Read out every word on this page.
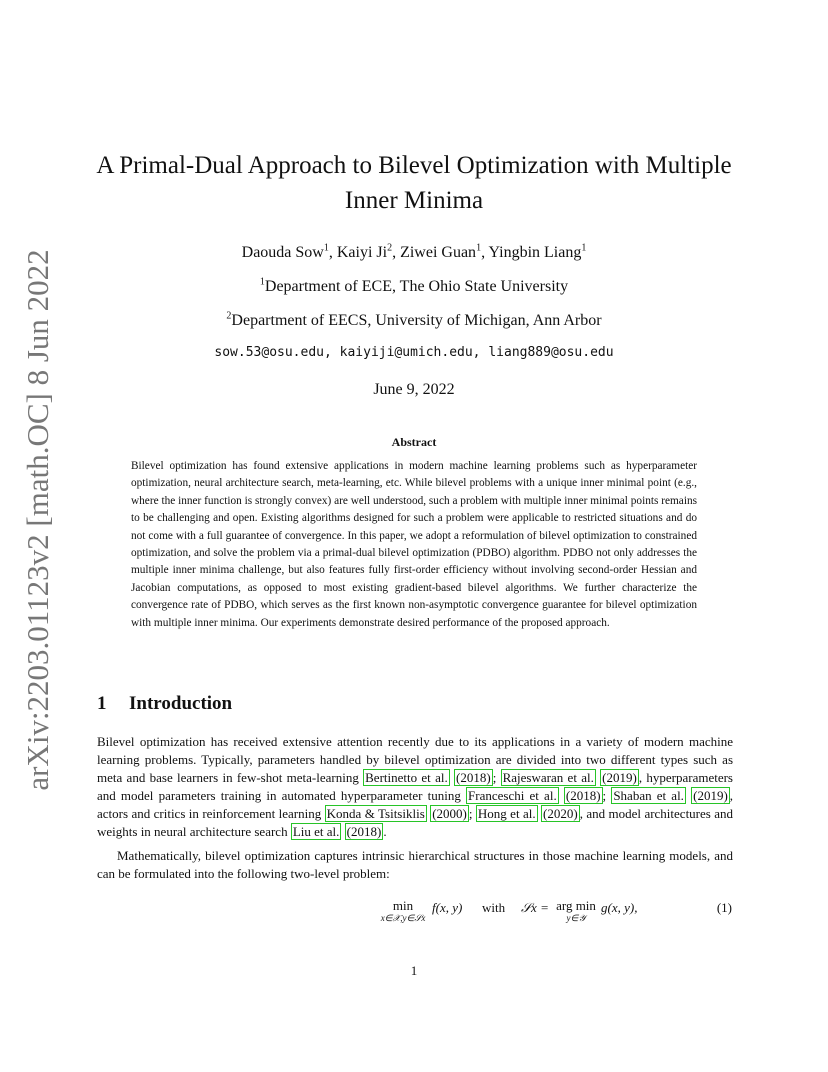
arXiv:2203.01123v2 [math.OC] 8 Jun 2022
A Primal-Dual Approach to Bilevel Optimization with Multiple Inner Minima
Daouda Sow$^1$, Kaiyi Ji$^2$, Ziwei Guan$^1$, Yingbin Liang$^1$
$^1$Department of ECE, The Ohio State University
$^2$Department of EECS, University of Michigan, Ann Arbor
sow.53@osu.edu, kaiyiji@umich.edu, liang889@osu.edu
June 9, 2022
Abstract

Bilevel optimization has found extensive applications in modern machine learning problems such as hyperparameter optimization, neural architecture search, meta-learning, etc. While bilevel problems with a unique inner minimal point (e.g., where the inner function is strongly convex) are well understood, such a problem with multiple inner minimal points remains to be challenging and open. Existing algorithms designed for such a problem were applicable to restricted situations and do not come with a full guarantee of convergence. In this paper, we adopt a reformulation of bilevel optimization to constrained optimization, and solve the problem via a primal-dual bilevel optimization (PDBO) algorithm. PDBO not only addresses the multiple inner minima challenge, but also features fully first-order efficiency without involving second-order Hessian and Jacobian computations, as opposed to most existing gradient-based bilevel algorithms. We further characterize the convergence rate of PDBO, which serves as the first known non-asymptotic convergence guarantee for bilevel optimization with multiple inner minima. Our experiments demonstrate desired performance of the proposed approach.

1 Introduction

Bilevel optimization has received extensive attention recently due to its applications in a variety of modern machine learning problems. Typically, parameters handled by bilevel optimization are divided into two different types such as meta and base learners in few-shot meta-learning Bertinetto et al. (2018) ; Rajeswaran et al. (2019) , hyperparameters and model parameters training in automated hyperparameter tuning Franceschi et al. (2018) ; Shaban et al. (2019) , actors and critics in reinforcement learning Konda & Tsitsiklis (2000) ; Hong et al. (2020) , and model architectures and weights in neural architecture search Liu et al. (2018) .

Mathematically, bilevel optimization captures intrinsic hierarchical structures in those machine learning models, and can be formulated into the following two-level problem:

min
x∈𝒳,y∈𝒮x
f(x, y) with 𝒮x = arg min
y∈𝒴
g(x, y),	(1)
1
